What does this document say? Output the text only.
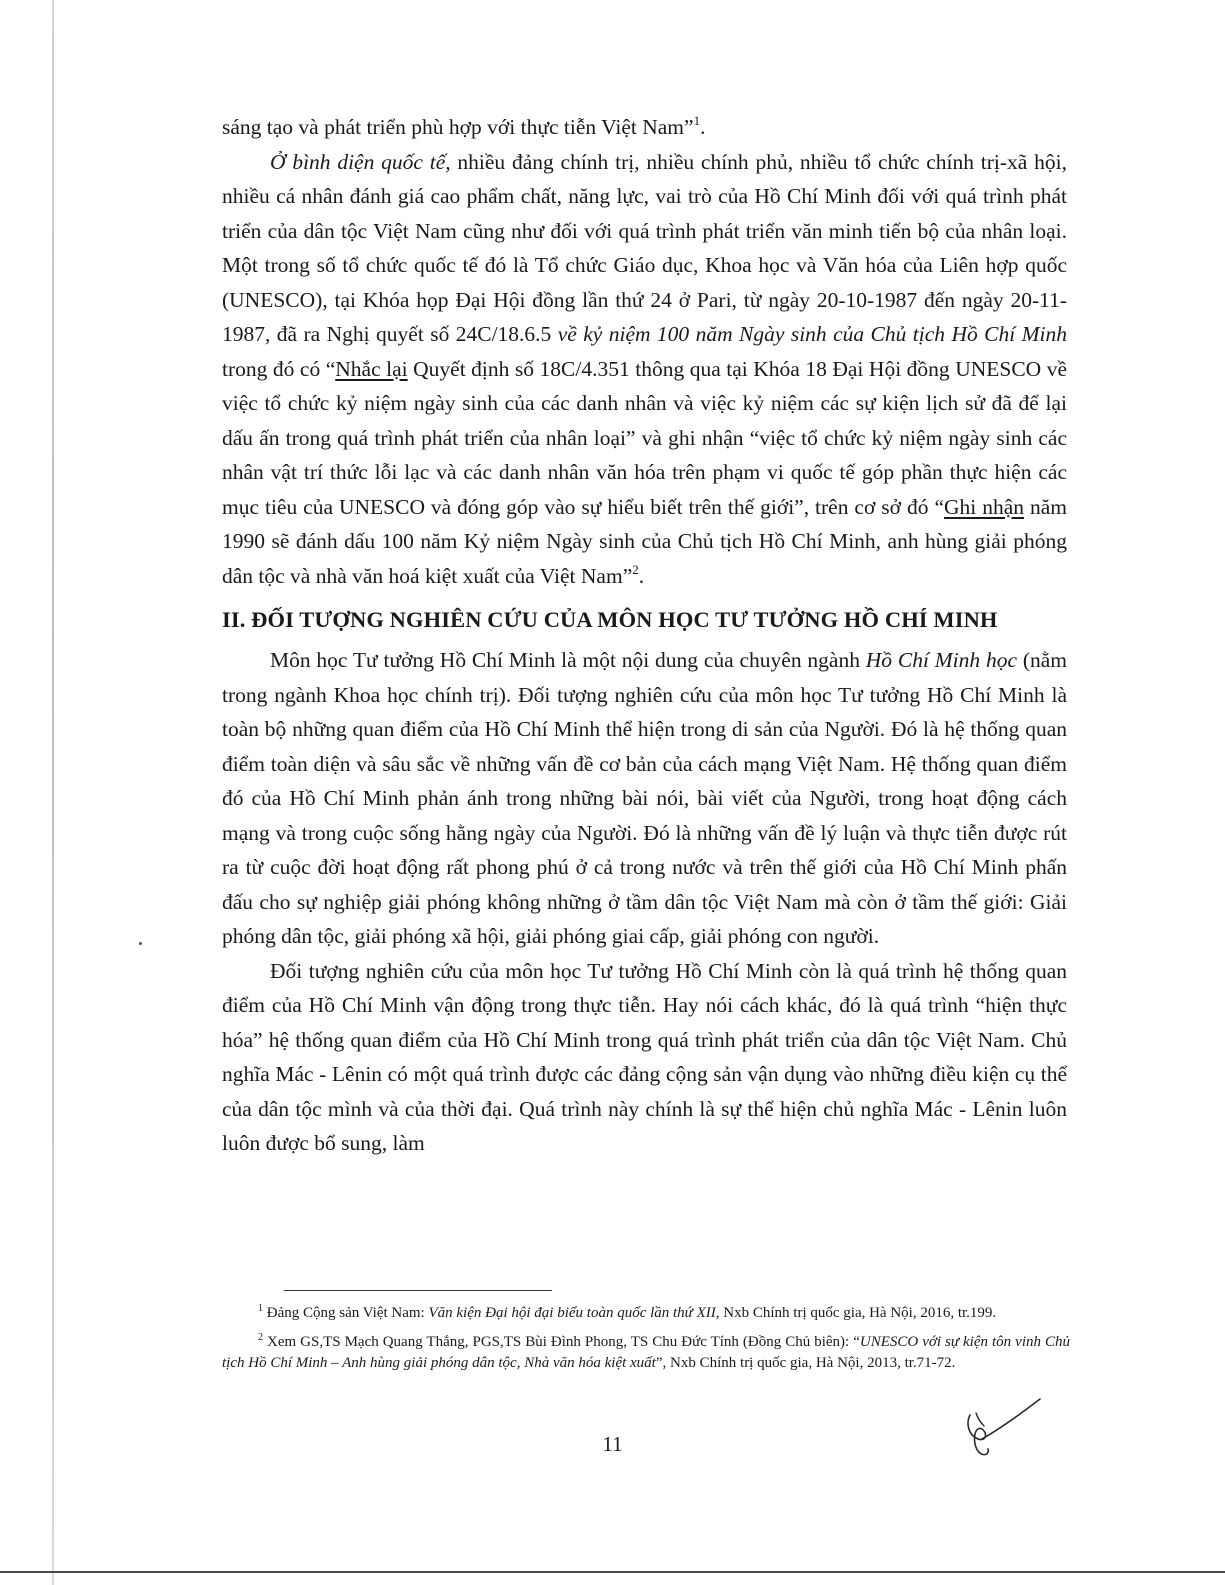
sáng tạo và phát triển phù hợp với thực tiễn Việt Nam”$^1$.

Ở bình diện quốc tế, nhiều đảng chính trị, nhiều chính phủ, nhiều tổ chức chính trị-xã hội, nhiều cá nhân đánh giá cao phẩm chất, năng lực, vai trò của Hồ Chí Minh đối với quá trình phát triển của dân tộc Việt Nam cũng như đối với quá trình phát triển văn minh tiến bộ của nhân loại. Một trong số tổ chức quốc tế đó là Tổ chức Giáo dục, Khoa học và Văn hóa của Liên hợp quốc (UNESCO), tại Khóa họp Đại Hội đồng lần thứ 24 ở Pari, từ ngày 20-10-1987 đến ngày 20-11-1987, đã ra Nghị quyết số 24C/18.6.5 về kỷ niệm 100 năm Ngày sinh của Chủ tịch Hồ Chí Minh trong đó có “Nhắc lại Quyết định số 18C/4.351 thông qua tại Khóa 18 Đại Hội đồng UNESCO về việc tổ chức kỷ niệm ngày sinh của các danh nhân và việc kỷ niệm các sự kiện lịch sử đã để lại dấu ấn trong quá trình phát triển của nhân loại” và ghi nhận “việc tổ chức kỷ niệm ngày sinh các nhân vật trí thức lỗi lạc và các danh nhân văn hóa trên phạm vi quốc tế góp phần thực hiện các mục tiêu của UNESCO và đóng góp vào sự hiểu biết trên thế giới”, trên cơ sở đó “Ghi nhận năm 1990 sẽ đánh dấu 100 năm Kỷ niệm Ngày sinh của Chủ tịch Hồ Chí Minh, anh hùng giải phóng dân tộc và nhà văn hoá kiệt xuất của Việt Nam”$^2$.

II. ĐỐI TƯỢNG NGHIÊN CỨU CỦA MÔN HỌC TƯ TƯỞNG HỒ CHÍ MINH

Môn học Tư tưởng Hồ Chí Minh là một nội dung của chuyên ngành Hồ Chí Minh học (nằm trong ngành Khoa học chính trị). Đối tượng nghiên cứu của môn học Tư tưởng Hồ Chí Minh là toàn bộ những quan điểm của Hồ Chí Minh thể hiện trong di sản của Người. Đó là hệ thống quan điểm toàn diện và sâu sắc về những vấn đề cơ bản của cách mạng Việt Nam. Hệ thống quan điểm đó của Hồ Chí Minh phản ánh trong những bài nói, bài viết của Người, trong hoạt động cách mạng và trong cuộc sống hằng ngày của Người. Đó là những vấn đề lý luận và thực tiễn được rút ra từ cuộc đời hoạt động rất phong phú ở cả trong nước và trên thế giới của Hồ Chí Minh phấn đấu cho sự nghiệp giải phóng không những ở tầm dân tộc Việt Nam mà còn ở tầm thế giới: Giải phóng dân tộc, giải phóng xã hội, giải phóng giai cấp, giải phóng con người.

Đối tượng nghiên cứu của môn học Tư tưởng Hồ Chí Minh còn là quá trình hệ thống quan điểm của Hồ Chí Minh vận động trong thực tiễn. Hay nói cách khác, đó là quá trình “hiện thực hóa” hệ thống quan điểm của Hồ Chí Minh trong quá trình phát triển của dân tộc Việt Nam. Chủ nghĩa Mác - Lênin có một quá trình được các đảng cộng sản vận dụng vào những điều kiện cụ thể của dân tộc mình và của thời đại. Quá trình này chính là sự thể hiện chủ nghĩa Mác - Lênin luôn luôn được bổ sung, làm

$^1$ Đảng Cộng sản Việt Nam: Văn kiện Đại hội đại biểu toàn quốc lần thứ XII, Nxb Chính trị quốc gia, Hà Nội, 2016, tr.199.

$^2$ Xem GS,TS Mạch Quang Thắng, PGS,TS Bùi Đình Phong, TS Chu Đức Tính (Đồng Chủ biên): “UNESCO với sự kiện tôn vinh Chủ tịch Hồ Chí Minh – Anh hùng giải phóng dân tộc, Nhà văn hóa kiệt xuất”, Nxb Chính trị quốc gia, Hà Nội, 2013, tr.71-72.

11
